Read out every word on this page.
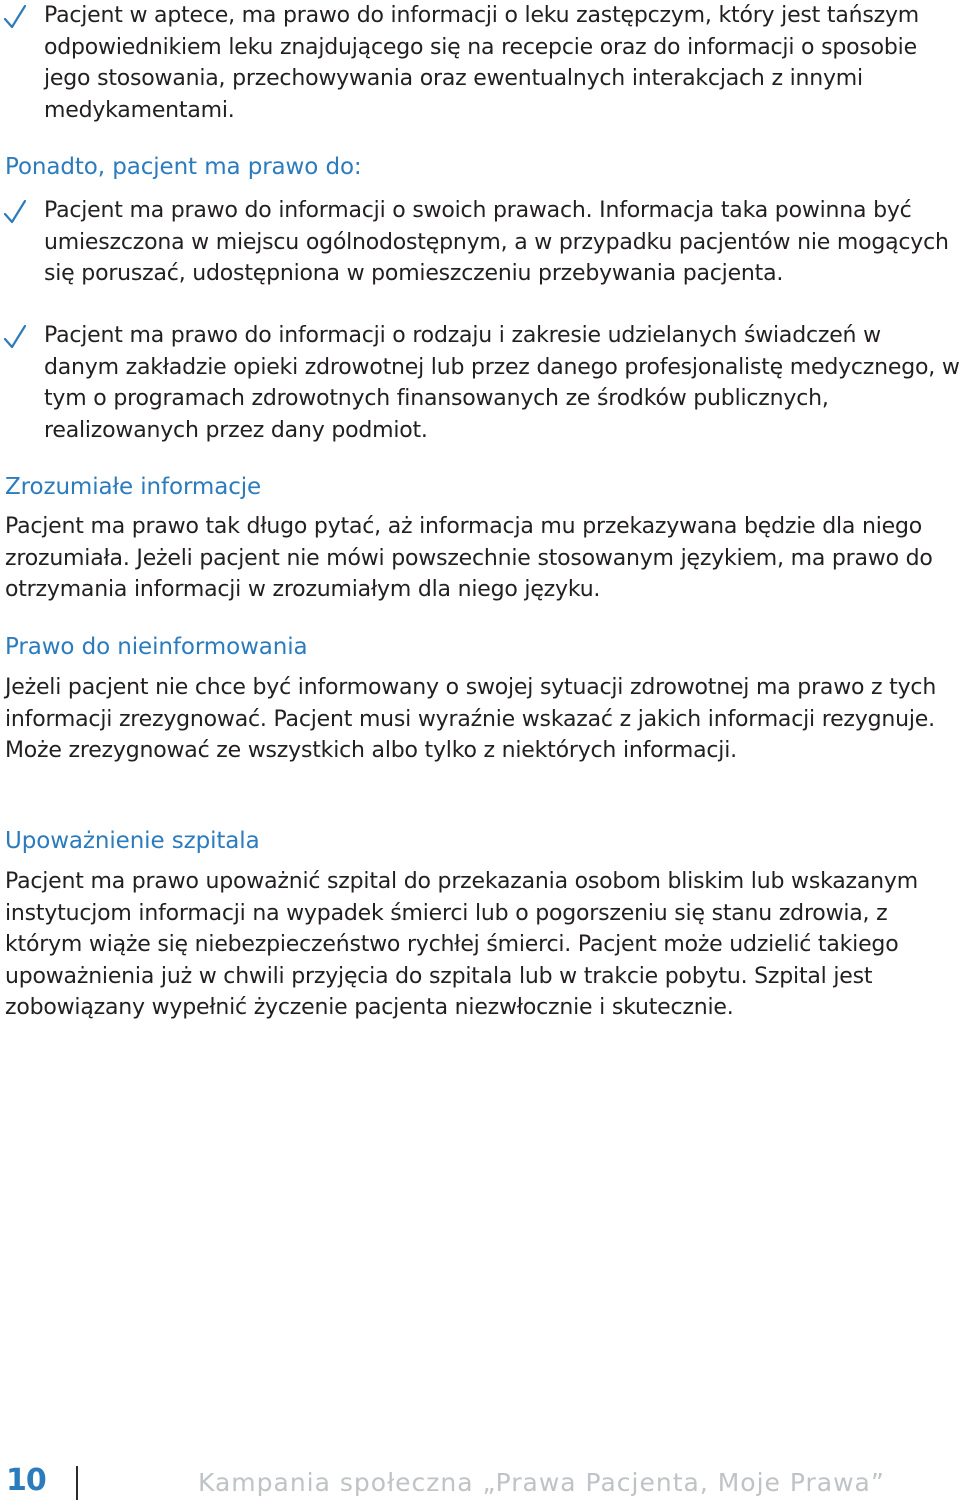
Pacjent w aptece, ma prawo do informacji o leku zastępczym, który jest tańszym odpowiednikiem leku znajdującego się na recepcie oraz do informacji o sposobie jego stosowania, przechowywania oraz ewentualnych interakcjach z innymi medykamentami.

Ponadto, pacjent ma prawo do:

Pacjent ma prawo do informacji o swoich prawach. Informacja taka powinna być umieszczona w miejscu ogólnodostępnym, a w przypadku pacjentów nie mogących się poruszać, udostępniona w pomieszczeniu przebywania pacjenta.

Pacjent ma prawo do informacji o rodzaju i zakresie udzielanych świadczeń w danym zakładzie opieki zdrowotnej lub przez danego profesjonalistę medycznego, w tym o programach zdrowotnych finansowanych ze środków publicznych, realizowanych przez dany podmiot.

Zrozumiałe informacje

Pacjent ma prawo tak długo pytać, aż informacja mu przekazywana będzie dla niego zrozumiała. Jeżeli pacjent nie mówi powszechnie stosowanym językiem, ma prawo do otrzymania informacji w zrozumiałym dla niego języku.

Prawo do nieinformowania

Jeżeli pacjent nie chce być informowany o swojej sytuacji zdrowotnej ma prawo z tych informacji zrezygnować. Pacjent musi wyraźnie wskazać z jakich informacji rezygnuje. Może zrezygnować ze wszystkich albo tylko z niektórych informacji.

Upoważnienie szpitala

Pacjent ma prawo upoważnić szpital do przekazania osobom bliskim lub wskazanym instytucjom informacji na wypadek śmierci lub o pogorszeniu się stanu zdrowia, z którym wiąże się niebezpieczeństwo rychłej śmierci. Pacjent może udzielić takiego upoważnienia już w chwili przyjęcia do szpitala lub w trakcie pobytu. Szpital jest zobowiązany wypełnić życzenie pacjenta niezwłocznie i skutecznie.

10	Kampania społeczna „Prawa Pacjenta, Moje Prawa”
